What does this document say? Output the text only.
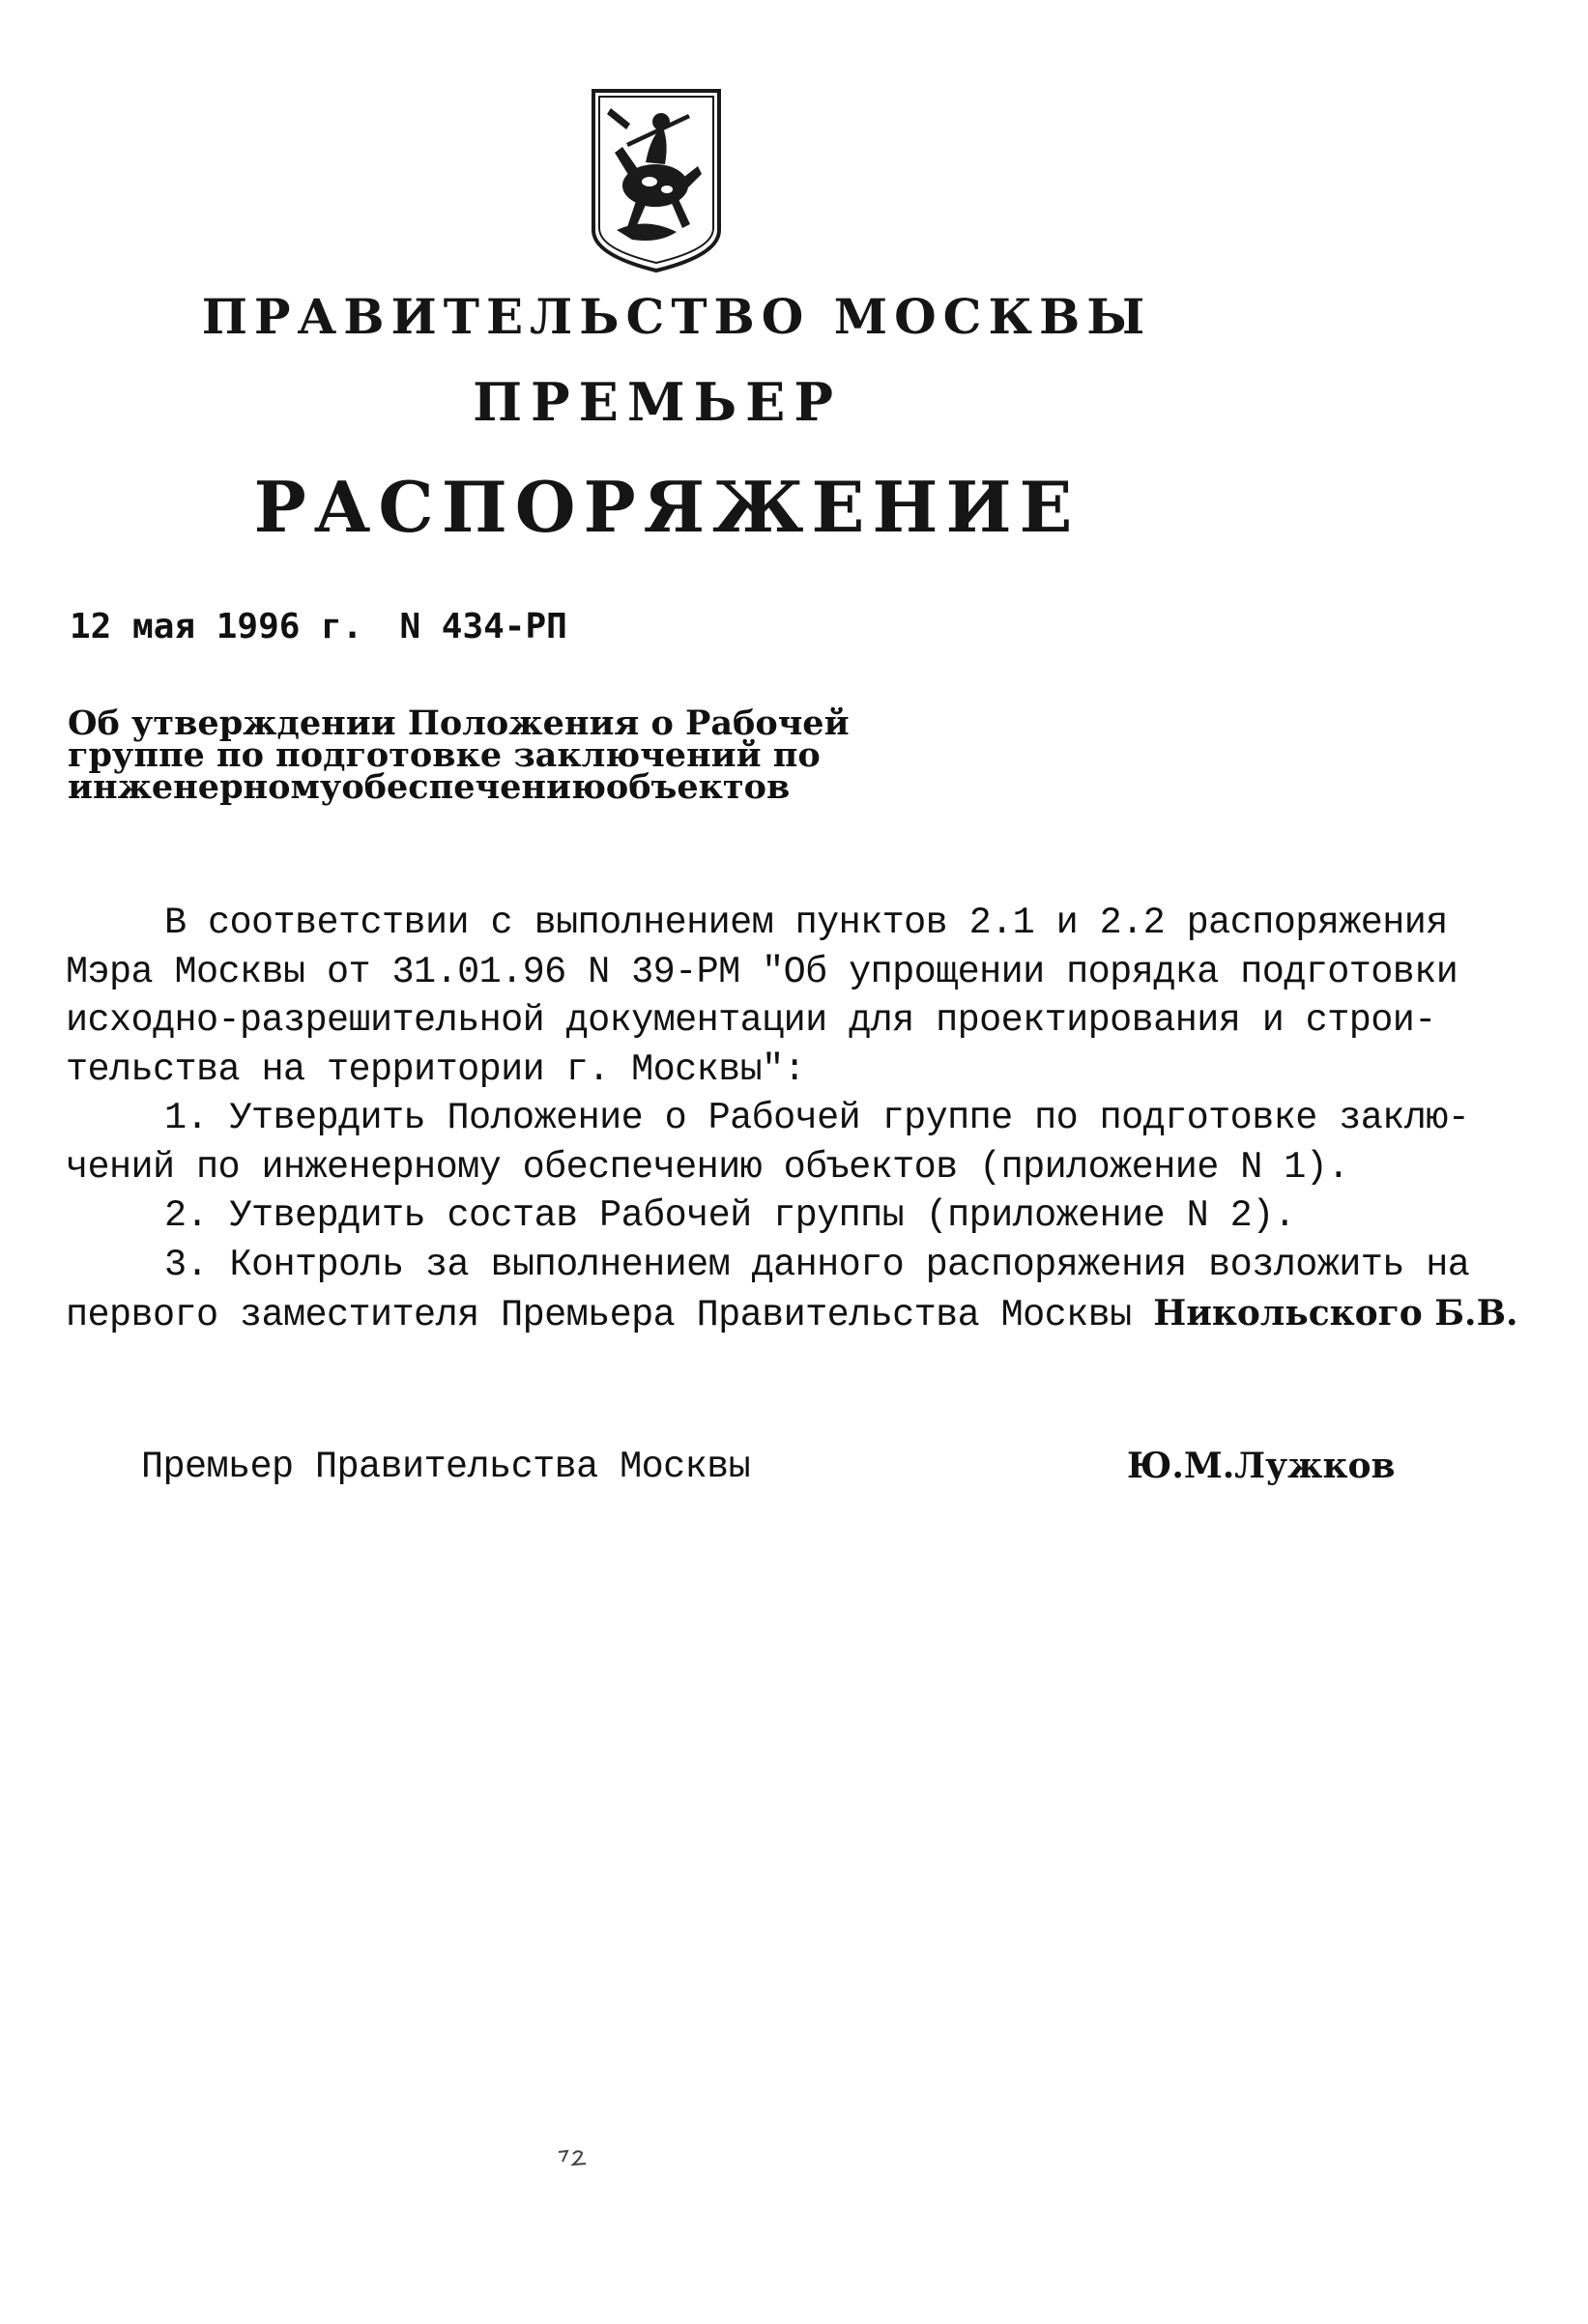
ПРАВИТЕЛЬСТВО МОСКВЫ
ПРЕМЬЕР
РАСПОРЯЖЕНИЕ
12 мая 1996 г. N 434-РП
Об утверждении Положения о Рабочей
группе по подготовке заключений по
инженерному обеспечению объектов
В соответствии с выполнением пунктов 2.1 и 2.2 распоряжения
Мэра Москвы от 31.01.96 N 39-РМ "Об упрощении порядка подготовки
исходно-разрешительной документации для проектирования и строи-
тельства на территории г. Москвы":
1. Утвердить Положение о Рабочей группе по подготовке заклю-
чений по инженерному обеспечению объектов (приложение N 1).
2. Утвердить состав Рабочей группы (приложение N 2).
3. Контроль за выполнением данного распоряжения возложить на
первого заместителя Премьера Правительства Москвы Никольского Б.В.
Премьер Правительства Москвы	Ю.М.Лужков
